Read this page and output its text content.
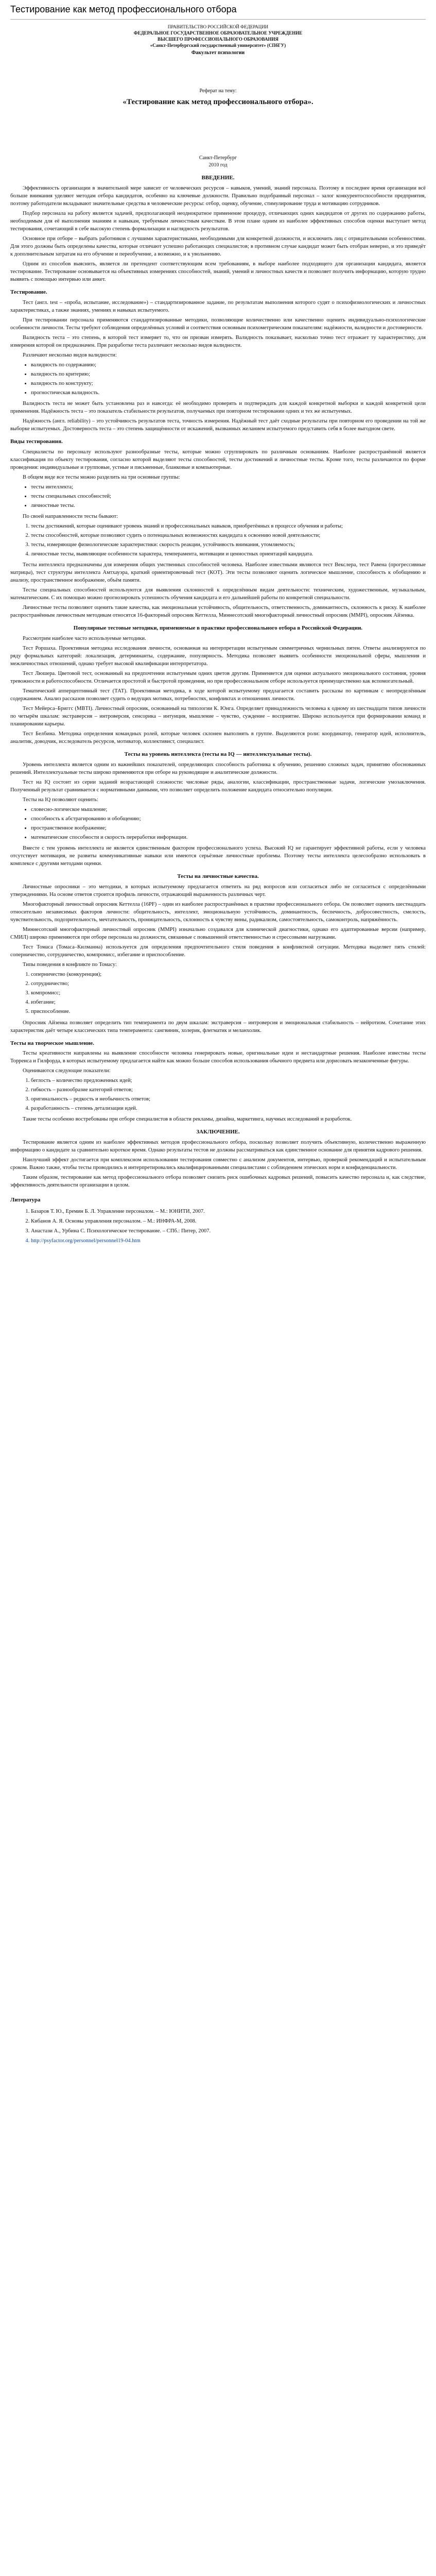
Тестирование как метод профессионального отбора

ПРАВИТЕЛЬСТВО РОССИЙСКОЙ ФЕДЕРАЦИИ

ФЕДЕРАЛЬНОЕ ГОСУДАРСТВЕННОЕ ОБРАЗОВАТЕЛЬНОЕ УЧРЕЖДЕНИЕ

ВЫСШЕГО ПРОФЕССИОНАЛЬНОГО ОБРАЗОВАНИЯ

«Санкт-Петербургский государственный университет» (СПбГУ)

Факультет психологии

Реферат на тему:

«Тестирование как метод профессионального отбора».

Санкт-Петербург

2010 год

ВВЕДЕНИЕ.

Эффективность организации в значительной мере зависит от человеческих ресурсов – навыков, умений, знаний персонала. Поэтому в последнее время организации всё больше внимания уделяют методам отбора кандидатов, особенно на ключевые должности. Правильно подобранный персонал – залог конкурентоспособности предприятия, поэтому работодатели вкладывают значительные средства в человеческие ресурсы: отбор, оценку, обучение, стимулирование труда и мотивацию сотрудников.

Подбор персонала на работу является задачей, предполагающей неоднократное применение процедур, отличающих одних кандидатов от других по содержанию работы, необходимым для её выполнения знаниям и навыкам, требуемым личностным качествам. В этом плане одним из наиболее эффективных способов оценки выступает метод тестирования, сочетающий в себе высокую степень формализации и наглядность результатов.

Основное при отборе – выбрать работников с лучшими характеристиками, необходимыми для конкретной должности, и исключить лиц с отрицательными особенностями. Для этого должны быть определены качества, которые отличают успешно работающих специалистов; в противном случае кандидат может быть отобран неверно, и это приведёт к дополнительным затратам на его обучение и переобучение, а возможно, и к увольнению.

Одним из способов выяснить, является ли претендент соответствующим всем требованиям, в выборе наиболее подходящего для организации кандидата, является тестирование. Тестирование основывается на объективных измерениях способностей, знаний, умений и личностных качеств и позволяет получить информацию, которую трудно выявить с помощью интервью или анкет.

Тестирование.

Тест (англ. test – «проба, испытание, исследование») – стандартизированное задание, по результатам выполнения которого судят о психофизиологических и личностных характеристиках, а также знаниях, умениях и навыках испытуемого.

При тестировании персонала применяются стандартизированные методики, позволяющие количественно или качественно оценить индивидуально-психологические особенности личности. Тесты требуют соблюдения определённых условий и соответствия основным психометрическим показателям: надёжности, валидности и достоверности.

Валидность теста – это степень, в которой тест измеряет то, что он призван измерять. Валидность показывает, насколько точно тест отражает ту характеристику, для измерения которой он предназначен. При разработке теста различают несколько видов валидности.

Различают несколько видов валидности:

• валидность по содержанию;
• валидность по критерию;
• валидность по конструкту;
• прогностическая валидность.

Валидность теста не может быть установлена раз и навсегда: её необходимо проверять и подтверждать для каждой конкретной выборки и каждой конкретной цели применения. Надёжность теста – это показатель стабильности результатов, получаемых при повторном тестировании одних и тех же испытуемых.

Надёжность (англ. reliability) – это устойчивость результатов теста, точность измерения. Надёжный тест даёт сходные результаты при повторном его проведении на той же выборке испытуемых. Достоверность теста – это степень защищённости от искажений, вызванных желанием испытуемого представить себя в более выгодном свете.

Виды тестирования.

Специалисты по персоналу используют разнообразные тесты, которые можно сгруппировать по различным основаниям. Наиболее распространённой является классификация по объекту тестирования, согласно которой выделяют тесты способностей, тесты достижений и личностные тесты. Кроме того, тесты различаются по форме проведения: индивидуальные и групповые, устные и письменные, бланковые и компьютерные.

В общем виде все тесты можно разделить на три основные группы:

• тесты интеллекта;
• тесты специальных способностей;
• личностные тесты.

По своей направленности тесты бывают:

1. тесты достижений, которые оценивают уровень знаний и профессиональных навыков, приобретённых в процессе обучения и работы;
2. тесты способностей, которые позволяют судить о потенциальных возможностях кандидата к освоению новой деятельности;
3. тесты, измеряющие физиологические характеристики: скорость реакции, устойчивость внимания, утомляемость;
4. личностные тесты, выявляющие особенности характера, темперамента, мотивации и ценностных ориентаций кандидата.

Тесты интеллекта предназначены для измерения общих умственных способностей человека. Наиболее известными являются тест Векслера, тест Равена (прогрессивные матрицы), тест структуры интеллекта Амтхауэра, краткий ориентировочный тест (КОТ). Эти тесты позволяют оценить логическое мышление, способность к обобщению и анализу, пространственное воображение, объём памяти.

Тесты специальных способностей используются для выявления склонностей к определённым видам деятельности: техническим, художественным, музыкальным, математическим. С их помощью можно прогнозировать успешность обучения кандидата и его дальнейшей работы по конкретной специальности.

Личностные тесты позволяют оценить такие качества, как эмоциональная устойчивость, общительность, ответственность, доминантность, склонность к риску. К наиболее распространённым личностным методикам относятся 16-факторный опросник Кеттелла, Миннесотский многофакторный личностный опросник (MMPI), опросник Айзенка.

Популярные тестовые методики, применяемые в практике профессионального отбора в Российской Федерации.

Рассмотрим наиболее часто используемые методики.

Тест Роршаха. Проективная методика исследования личности, основанная на интерпретации испытуемым симметричных чернильных пятен. Ответы анализируются по ряду формальных категорий: локализация, детерминанты, содержание, популярность. Методика позволяет выявить особенности эмоциональной сферы, мышления и межличностных отношений, однако требует высокой квалификации интерпретатора.

Тест Люшера. Цветовой тест, основанный на предпочтении испытуемым одних цветов другим. Применяется для оценки актуального эмоционального состояния, уровня тревожности и работоспособности. Отличается простотой и быстротой проведения, но при профессиональном отборе используется преимущественно как вспомогательный.

Тематический апперцептивный тест (ТАТ). Проективная методика, в ходе которой испытуемому предлагается составить рассказы по картинкам с неопределённым содержанием. Анализ рассказов позволяет судить о ведущих мотивах, потребностях, конфликтах и отношениях личности.

Тест Мейерса–Бриггс (MBTI). Личностный опросник, основанный на типологии К. Юнга. Определяет принадлежность человека к одному из шестнадцати типов личности по четырём шкалам: экстраверсия – интроверсия, сенсорика – интуиция, мышление – чувство, суждение – восприятие. Широко используется при формировании команд и планировании карьеры.

Тест Белбина. Методика определения командных ролей, которые человек склонен выполнять в группе. Выделяются роли: координатор, генератор идей, исполнитель, аналитик, доводчик, исследователь ресурсов, мотиватор, коллективист, специалист.

Тесты на уровень интеллекта (тесты на IQ — интеллектуальные тесты).

Уровень интеллекта является одним из важнейших показателей, определяющих способность работника к обучению, решению сложных задач, принятию обоснованных решений. Интеллектуальные тесты широко применяются при отборе на руководящие и аналитические должности.

Тест на IQ состоит из серии заданий возрастающей сложности: числовые ряды, аналогии, классификации, пространственные задачи, логические умозаключения. Полученный результат сравнивается с нормативными данными, что позволяет определить положение кандидата относительно популяции.

Тесты на IQ позволяют оценить:

• словесно-логическое мышление;
• способность к абстрагированию и обобщению;
• пространственное воображение;
• математические способности и скорость переработки информации.

Вместе с тем уровень интеллекта не является единственным фактором профессионального успеха. Высокий IQ не гарантирует эффективной работы, если у человека отсутствует мотивация, не развиты коммуникативные навыки или имеются серьёзные личностные проблемы. Поэтому тесты интеллекта целесообразно использовать в комплексе с другими методами оценки.

Тесты на личностные качества.

Личностные опросники – это методики, в которых испытуемому предлагается ответить на ряд вопросов или согласиться либо не согласиться с определёнными утверждениями. На основе ответов строится профиль личности, отражающий выраженность различных черт.

Многофакторный личностный опросник Кеттелла (16PF) – один из наиболее распространённых в практике профессионального отбора. Он позволяет оценить шестнадцать относительно независимых факторов личности: общительность, интеллект, эмоциональную устойчивость, доминантность, беспечность, добросовестность, смелость, чувствительность, подозрительность, мечтательность, проницательность, склонность к чувству вины, радикализм, самостоятельность, самоконтроль, напряжённость.

Миннесотский многофакторный личностный опросник (MMPI) изначально создавался для клинической диагностики, однако его адаптированные версии (например, СМИЛ) широко применяются при отборе персонала на должности, связанные с повышенной ответственностью и стрессовыми нагрузками.

Тест Томаса (Томаса–Килманна) используется для определения предпочтительного стиля поведения в конфликтной ситуации. Методика выделяет пять стилей: соперничество, сотрудничество, компромисс, избегание и приспособление.

Типы поведения в конфликте по Томасу:

1. соперничество (конкуренция);
2. сотрудничество;
3. компромисс;
4. избегание;
5. приспособление.

Опросник Айзенка позволяет определить тип темперамента по двум шкалам: экстраверсия – интроверсия и эмоциональная стабильность – нейротизм. Сочетание этих характеристик даёт четыре классических типа темперамента: сангвиник, холерик, флегматик и меланхолик.

Тесты на творческое мышление.

Тесты креативности направлены на выявление способности человека генерировать новые, оригинальные идеи и нестандартные решения. Наиболее известны тесты Торренса и Гилфорда, в которых испытуемому предлагается найти как можно больше способов использования обычного предмета или дорисовать незаконченные фигуры.

Оцениваются следующие показатели:

1. беглость – количество предложенных идей;
2. гибкость – разнообразие категорий ответов;
3. оригинальность – редкость и необычность ответов;
4. разработанность – степень детализации идей.

Такие тесты особенно востребованы при отборе специалистов в области рекламы, дизайна, маркетинга, научных исследований и разработок.

ЗАКЛЮЧЕНИЕ.

Тестирование является одним из наиболее эффективных методов профессионального отбора, поскольку позволяет получить объективную, количественно выраженную информацию о кандидате за сравнительно короткое время. Однако результаты тестов не должны рассматриваться как единственное основание для принятия кадрового решения.

Наилучший эффект достигается при комплексном использовании тестирования совместно с анализом документов, интервью, проверкой рекомендаций и испытательным сроком. Важно также, чтобы тесты проводились и интерпретировались квалифицированными специалистами с соблюдением этических норм и конфиденциальности.

Таким образом, тестирование как метод профессионального отбора позволяет снизить риск ошибочных кадровых решений, повысить качество персонала и, как следствие, эффективность деятельности организации в целом.

Литература
1. Базаров Т. Ю., Еремин Б. Л. Управление персоналом. – М.: ЮНИТИ, 2007.
2. Кибанов А. Я. Основы управления персоналом. – М.: ИНФРА-М, 2008.
3. Анастази А., Урбина С. Психологическое тестирование. – СПб.: Питер, 2007.
4. http://psyfactor.org/personnel/personnel19-04.htm
